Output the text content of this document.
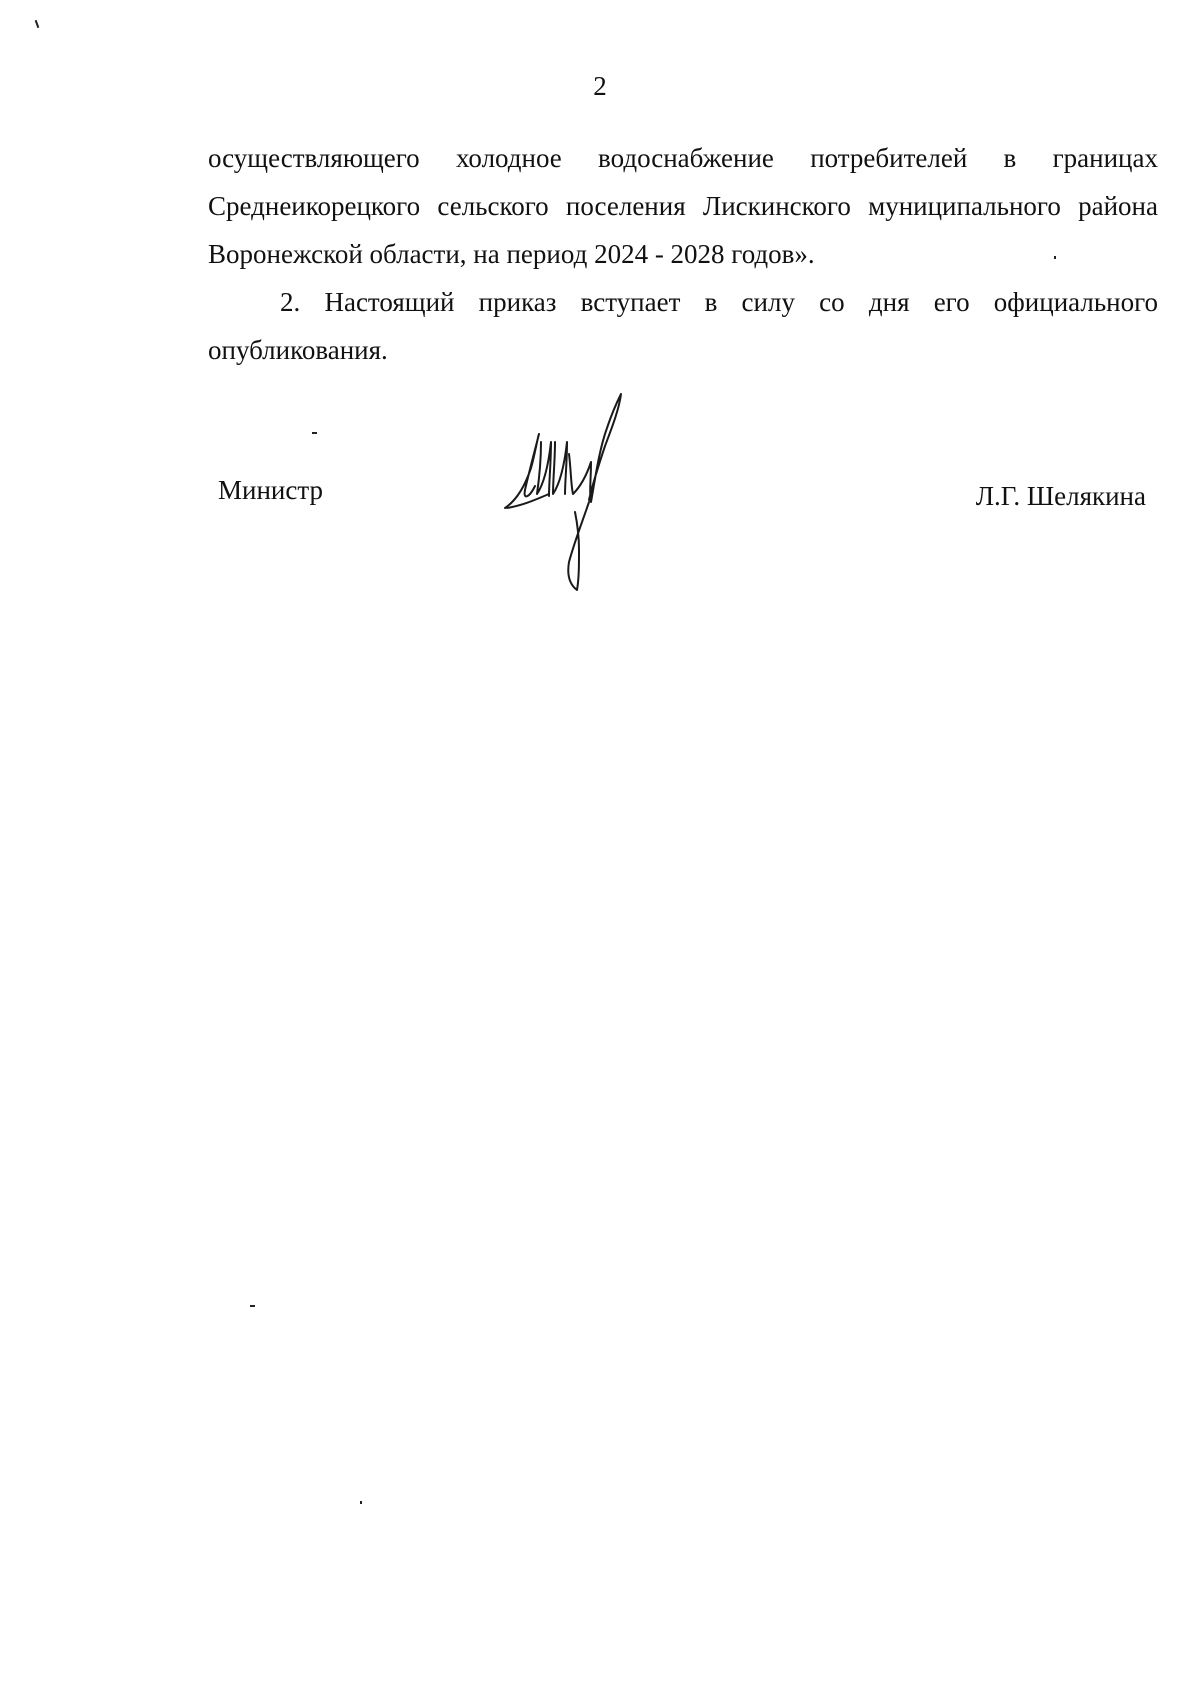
2

осуществляющего холодное водоснабжение потребителей в границах Среднеикорецкого сельского поселения Лискинского муниципального района Воронежской области, на период 2024 - 2028 годов».

2. Настоящий приказ вступает в силу со дня его официального опубликования.

Министр	Л.Г. Шелякина
